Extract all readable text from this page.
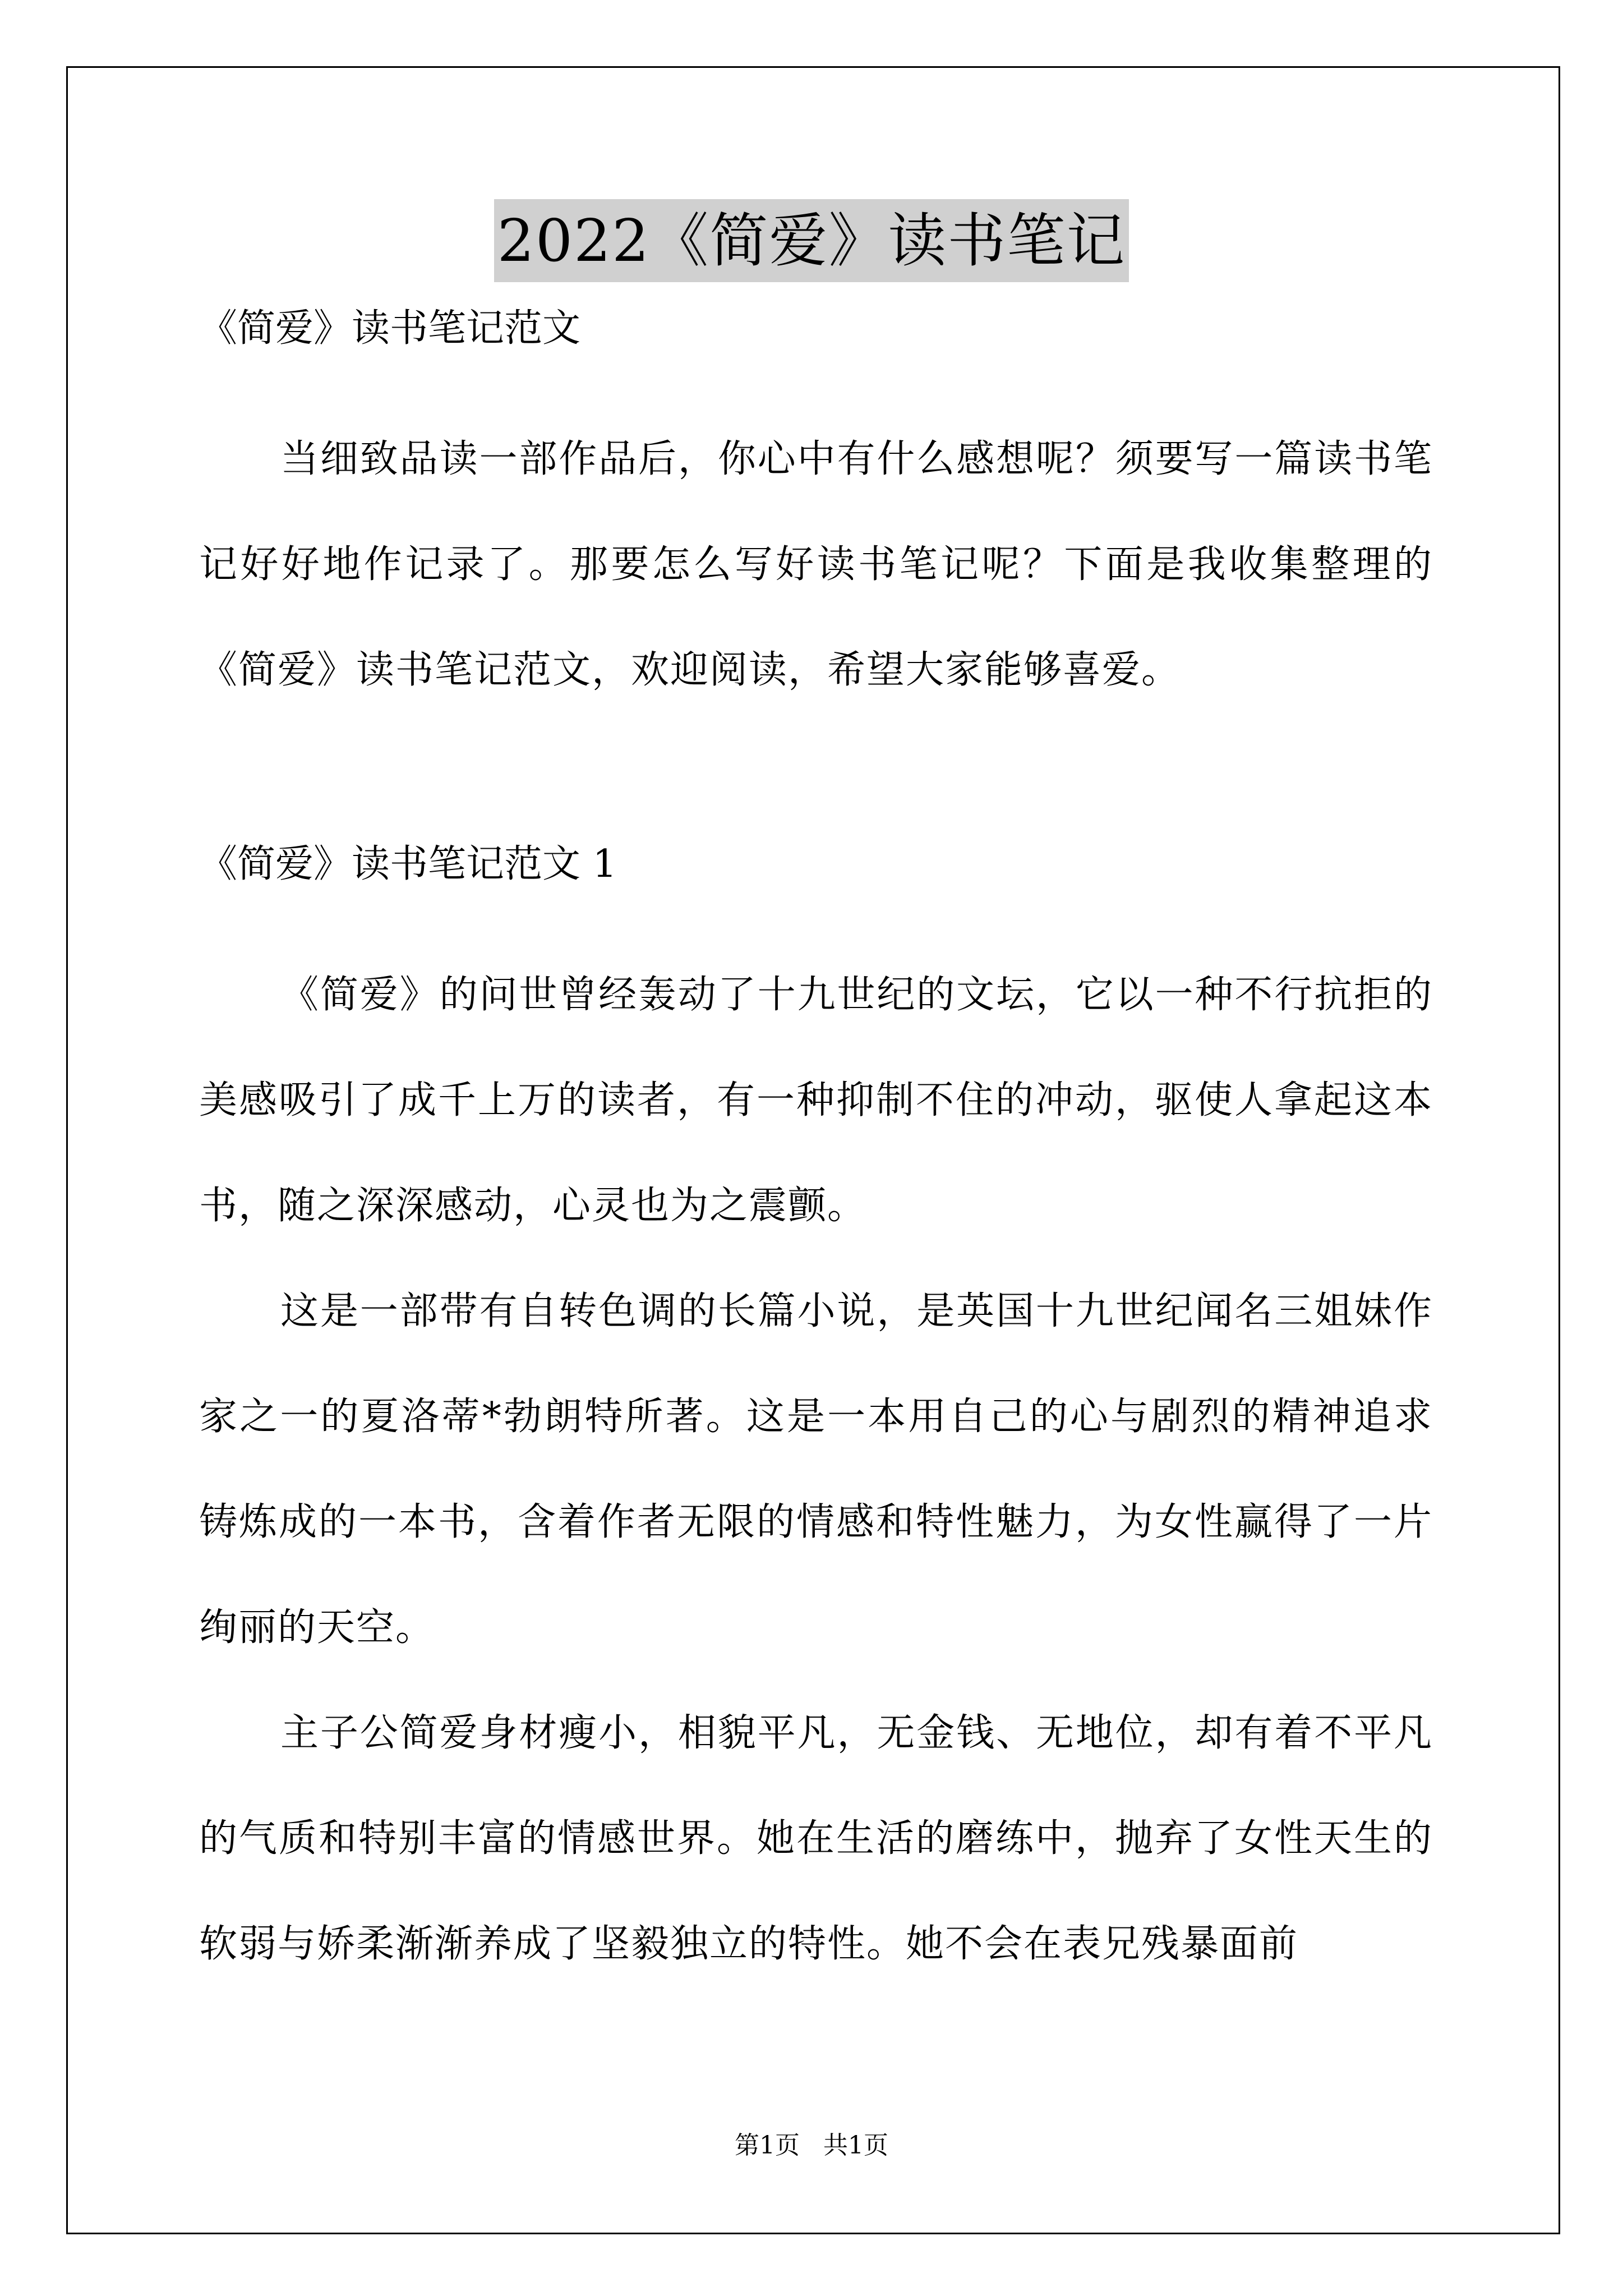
2022《简爱》读书笔记

《简爱》读书笔记范文

当细致品读一部作品后，你心中有什么感想呢？须要写一篇读书笔记好好地作记录了。那要怎么写好读书笔记呢？下面是我收集整理的《简爱》读书笔记范文，欢迎阅读，希望大家能够喜爱。

《简爱》读书笔记范文 1

《简爱》的问世曾经轰动了十九世纪的文坛，它以一种不行抗拒的美感吸引了成千上万的读者，有一种抑制不住的冲动，驱使人拿起这本书，随之深深感动，心灵也为之震颤。

这是一部带有自转色调的长篇小说，是英国十九世纪闻名三姐妹作家之一的夏洛蒂*勃朗特所著。这是一本用自己的心与剧烈的精神追求铸炼成的一本书，含着作者无限的情感和特性魅力，为女性赢得了一片绚丽的天空。

主子公简爱身材瘦小，相貌平凡，无金钱、无地位，却有着不平凡的气质和特别丰富的情感世界。她在生活的磨练中，抛弃了女性天生的软弱与娇柔渐渐养成了坚毅独立的特性。她不会在表兄残暴面前

第1页   共1页
